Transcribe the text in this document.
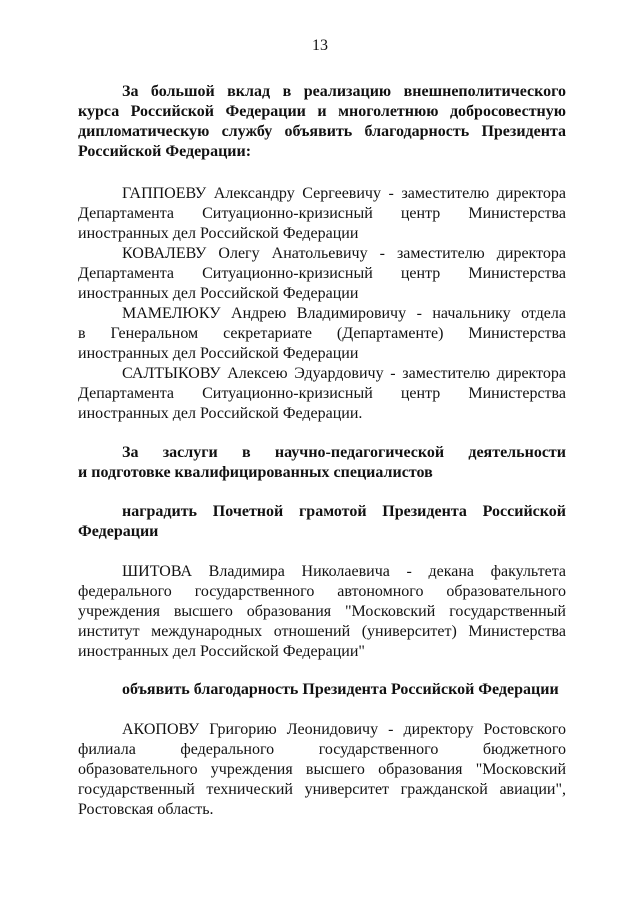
13
За большой вклад в реализацию внешнеполитического
курса Российской Федерации и многолетнюю добросовестную
дипломатическую службу объявить благодарность Президента
Российской Федерации:
ГАППОЕВУ Александру Сергеевичу - заместителю директора
Департамента Ситуационно-кризисный центр Министерства
иностранных дел Российской Федерации
КОВАЛЕВУ Олегу Анатольевичу - заместителю директора
Департамента Ситуационно-кризисный центр Министерства
иностранных дел Российской Федерации
МАМЕЛЮКУ Андрею Владимировичу - начальнику отдела
в Генеральном секретариате (Департаменте) Министерства
иностранных дел Российской Федерации
САЛТЫКОВУ Алексею Эдуардовичу - заместителю директора
Департамента Ситуационно-кризисный центр Министерства
иностранных дел Российской Федерации.
За заслуги в научно-педагогической деятельности
и подготовке квалифицированных специалистов
наградить Почетной грамотой Президента Российской
Федерации
ШИТОВА Владимира Николаевича - декана факультета
федерального государственного автономного образовательного
учреждения высшего образования "Московский государственный
институт международных отношений (университет) Министерства
иностранных дел Российской Федерации"
объявить благодарность Президента Российской Федерации
АКОПОВУ Григорию Леонидовичу - директору Ростовского
филиала федерального государственного бюджетного
образовательного учреждения высшего образования "Московский
государственный технический университет гражданской авиации",
Ростовская область.
